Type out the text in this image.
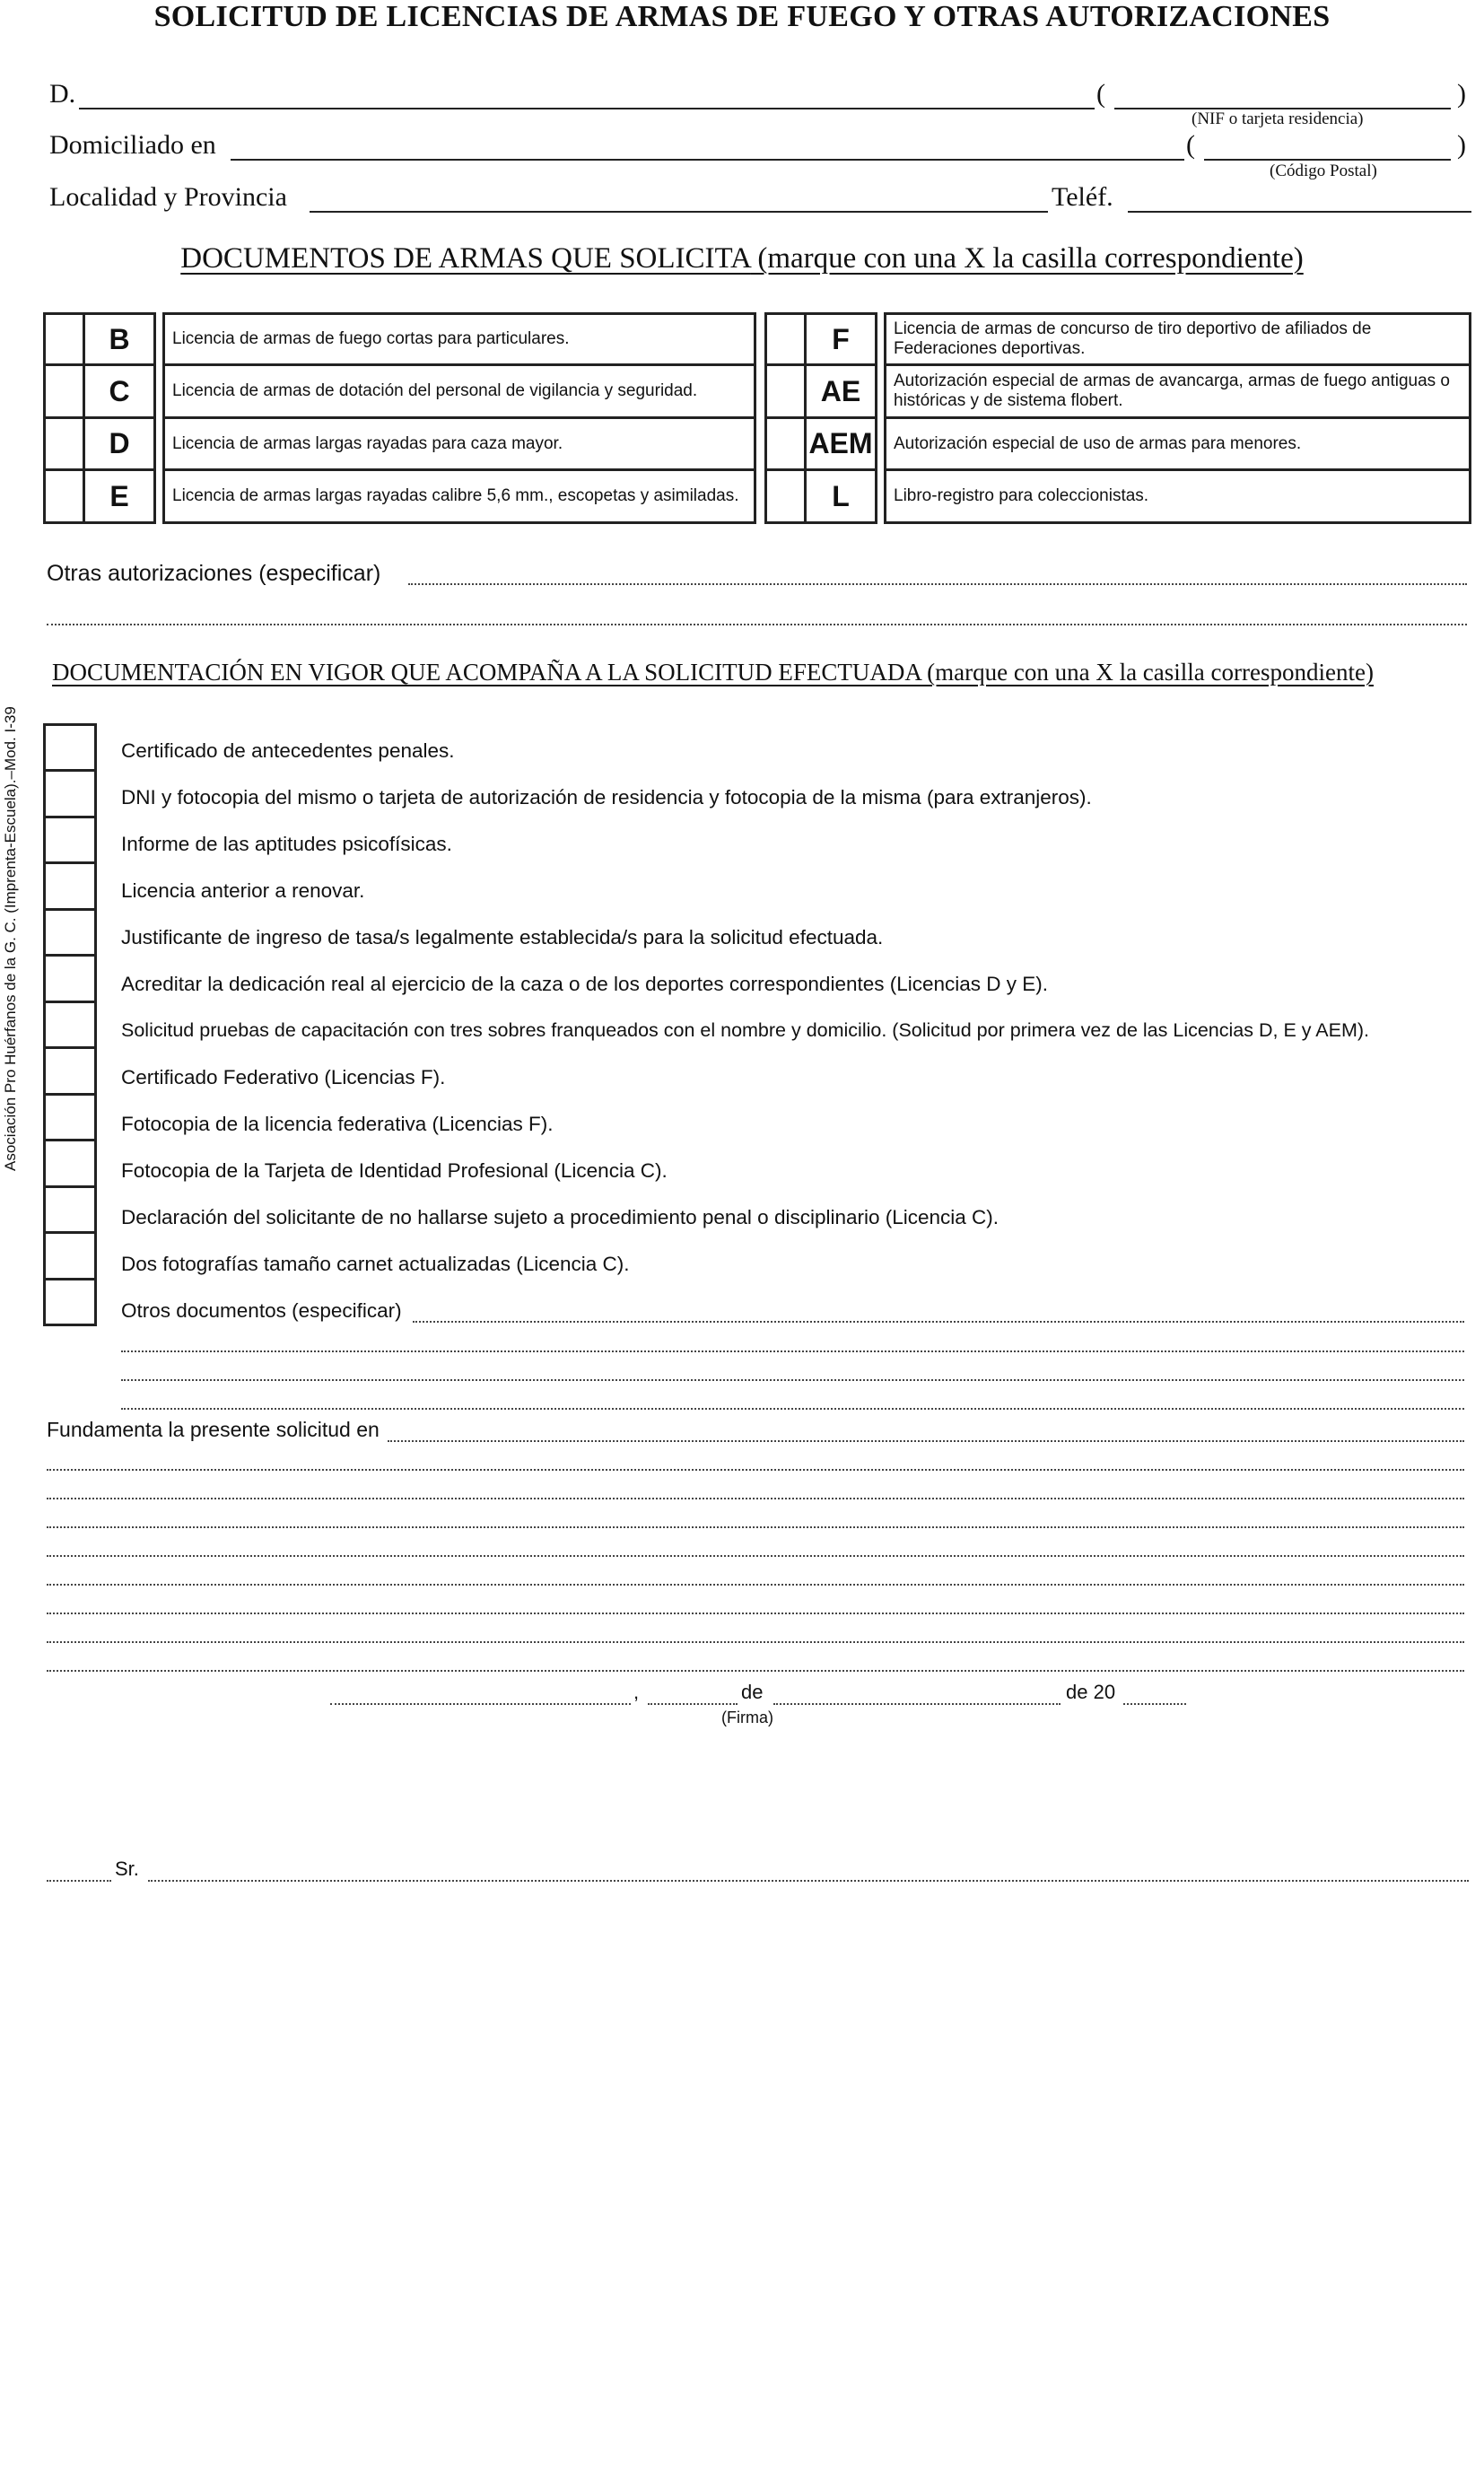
SOLICITUD DE LICENCIAS DE ARMAS DE FUEGO Y OTRAS AUTORIZACIONES
D.	(	)
(NIF o tarjeta residencia)
Domiciliado en	(	)
(Código Postal)
Localidad y Provincia	Teléf.
DOCUMENTOS DE ARMAS QUE SOLICITA (marque con una X la casilla correspondiente)
B	Licencia de armas de fuego cortas para particulares.
C	Licencia de armas de dotación del personal de vigilancia y seguridad.
D	Licencia de armas largas rayadas para caza mayor.
E	Licencia de armas largas rayadas calibre 5,6 mm., escopetas y asimiladas.
F	Licencia de armas de concurso de tiro deportivo de afiliados de Federaciones deportivas.
AE	Autorización especial de armas de avancarga, armas de fuego antiguas o históricas y de sistema flobert.
AEM	Autorización especial de uso de armas para menores.
L	Libro-registro para coleccionistas.
Otras autorizaciones (especificar)
DOCUMENTACIÓN EN VIGOR QUE ACOMPAÑA A LA SOLICITUD EFECTUADA (marque con una X la casilla correspondiente)
Certificado de antecedentes penales.
DNI y fotocopia del mismo o tarjeta de autorización de residencia y fotocopia de la misma (para extranjeros).
Informe de las aptitudes psicofísicas.
Licencia anterior a renovar.
Justificante de ingreso de tasa/s legalmente establecida/s para la solicitud efectuada.
Acreditar la dedicación real al ejercicio de la caza o de los deportes correspondientes (Licencias D y E).
Solicitud pruebas de capacitación con tres sobres franqueados con el nombre y domicilio. (Solicitud por primera vez de las Licencias D, E y AEM).
Certificado Federativo (Licencias F).
Fotocopia de la licencia federativa (Licencias F).
Fotocopia de la Tarjeta de Identidad Profesional (Licencia C).
Declaración del solicitante de no hallarse sujeto a procedimiento penal o disciplinario (Licencia C).
Dos fotografías tamaño carnet actualizadas (Licencia C).
Otros documentos (especificar)
Fundamenta la presente solicitud en
,	de	de 20
(Firma)
Sr.
Asociación Pro Huérfanos de la G. C. (Imprenta-Escuela).–Mod. I-39
